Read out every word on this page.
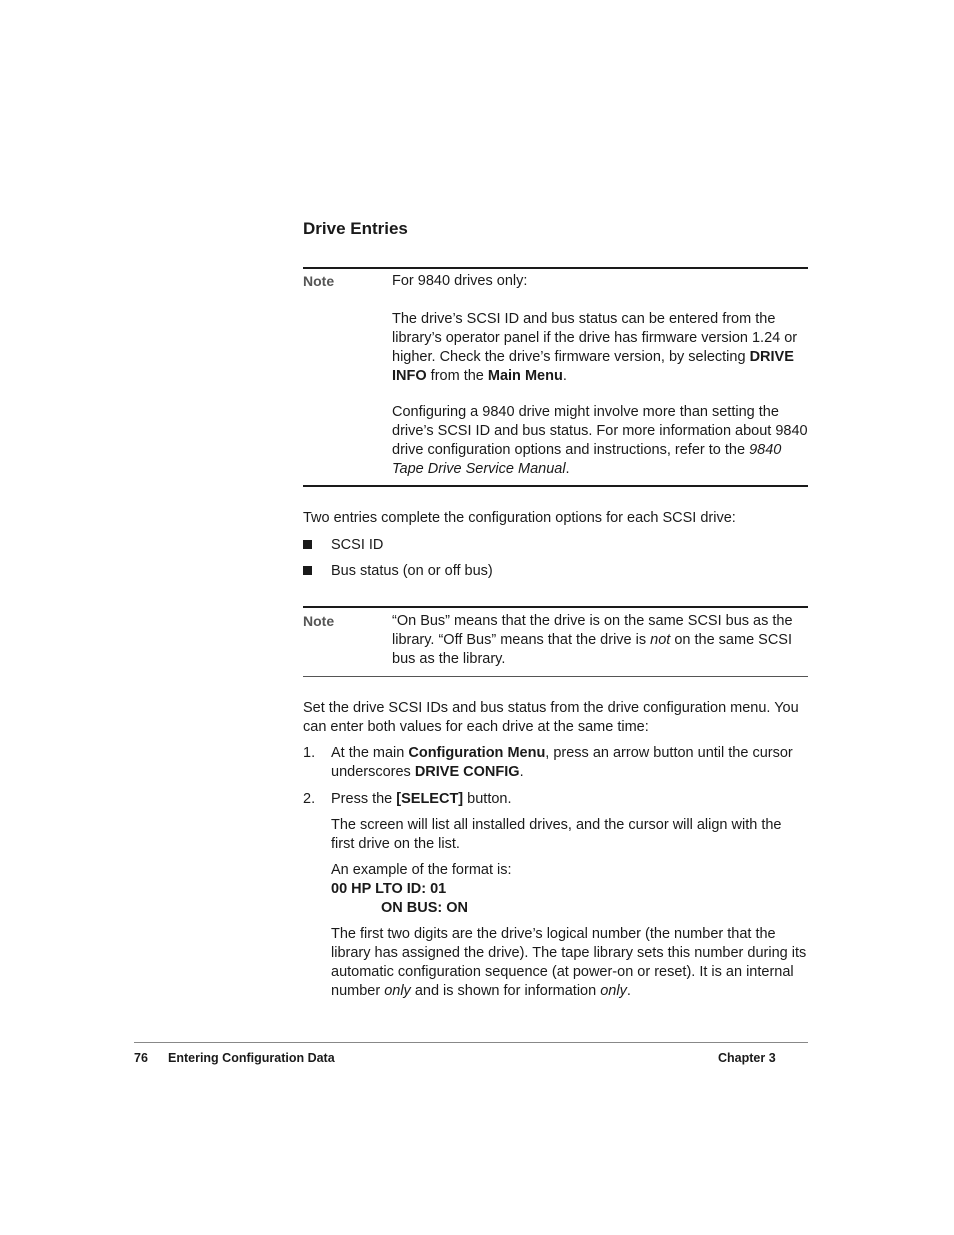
Drive Entries
Note	For 9840 drives only:

The drive’s SCSI ID and bus status can be entered from the library’s operator panel if the drive has firmware version 1.24 or higher. Check the drive’s firmware version, by selecting DRIVE INFO from the Main Menu.

Configuring a 9840 drive might involve more than setting the drive’s SCSI ID and bus status. For more information about 9840 drive configuration options and instructions, refer to the 9840 Tape Drive Service Manual.

Two entries complete the configuration options for each SCSI drive:

SCSI ID
Bus status (on or off bus)
Note	“On Bus” means that the drive is on the same SCSI bus as the library. “Off Bus” means that the drive is not on the same SCSI bus as the library.

Set the drive SCSI IDs and bus status from the drive configuration menu. You can enter both values for each drive at the same time:

1. At the main Configuration Menu, press an arrow button until the cursor underscores DRIVE CONFIG.

2. Press the [SELECT] button.

The screen will list all installed drives, and the cursor will align with the first drive on the list.

An example of the format is:

00 HP LTO ID: 01

ON BUS: ON

The first two digits are the drive’s logical number (the number that the library has assigned the drive). The tape library sets this number during its automatic configuration sequence (at power-on or reset). It is an internal number only and is shown for information only.

76 Entering Configuration Data	Chapter 3
